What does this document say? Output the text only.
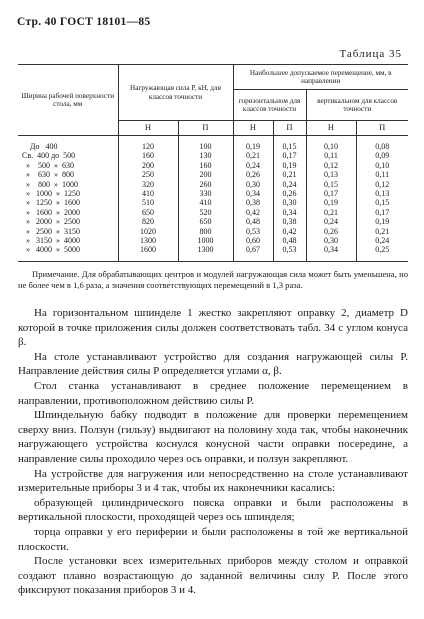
Стр. 40 ГОСТ 18101—85
Таблица 35
Ширина рабочей поверхности стола, мм	Нагружающая сила P, кН, для классов точности		Наибольшее допускаемое перемещение, мм, в направлении			
			горизонтальном для классов точности		вертикальном для классов точности	
	Н	П	Н	П	Н	П
До   400	120	100	0,19	0,15	0,10	0,08
Св.  400 до  500	160	130	0,21	0,17	0,11	0,09
»    500  »  630	200	160	0,24	0,19	0,12	0,10
»    630  »  800	250	200	0,26	0,21	0,13	0,11
»    800  »  1000	320	260	0,30	0,24	0,15	0,12
»   1000  »  1250	410	330	0,34	0,26	0,17	0,13
»   1250  »  1600	510	410	0,38	0,30	0,19	0,15
»   1600  »  2000	650	520	0,42	0,34	0,21	0,17
»   2000  »  2500	820	650	0,48	0,38	0,24	0,19
»   2500  »  3150	1020	800	0,53	0,42	0,26	0,21
»   3150  »  4000	1300	1000	0,60	0,48	0,30	0,24
»   4000  »  5000	1600	1300	0,67	0,53	0,34	0,25

Примечание. Для обрабатывающих центров и модулей нагружающая сила может быть уменьшена, но не более чем в 1,6 раза, а значения соответствующих перемещений в 1,3 раза.

На горизонтальном шпинделе 1 жестко закрепляют оправку 2, диаметр D которой в точке приложения силы должен соответствовать табл. 34 с углом конуса β.

На столе устанавливают устройство для создания нагружающей силы P. Направление действия силы P определяется углами α, β.

Стол станка устанавливают в среднее положение перемещением в направлении, противоположном действию силы P.

Шпиндельную бабку подводят в положение для проверки перемещением сверху вниз. Ползун (гильзу) выдвигают на половину хода так, чтобы наконечник нагружающего устройства коснулся конусной части оправки посередине, а направление силы проходило через ось оправки, и ползун закрепляют.

На устройстве для нагружения или непосредственно на столе устанавливают измерительные приборы 3 и 4 так, чтобы их наконечники касались:

образующей цилиндрического пояска оправки и были расположены в вертикальной плоскости, проходящей через ось шпинделя;

торца оправки у его периферии и были расположены в той же вертикальной плоскости.

После установки всех измерительных приборов между столом и оправкой создают плавно возрастающую до заданной величины силу P. После этого фиксируют показания приборов 3 и 4.
